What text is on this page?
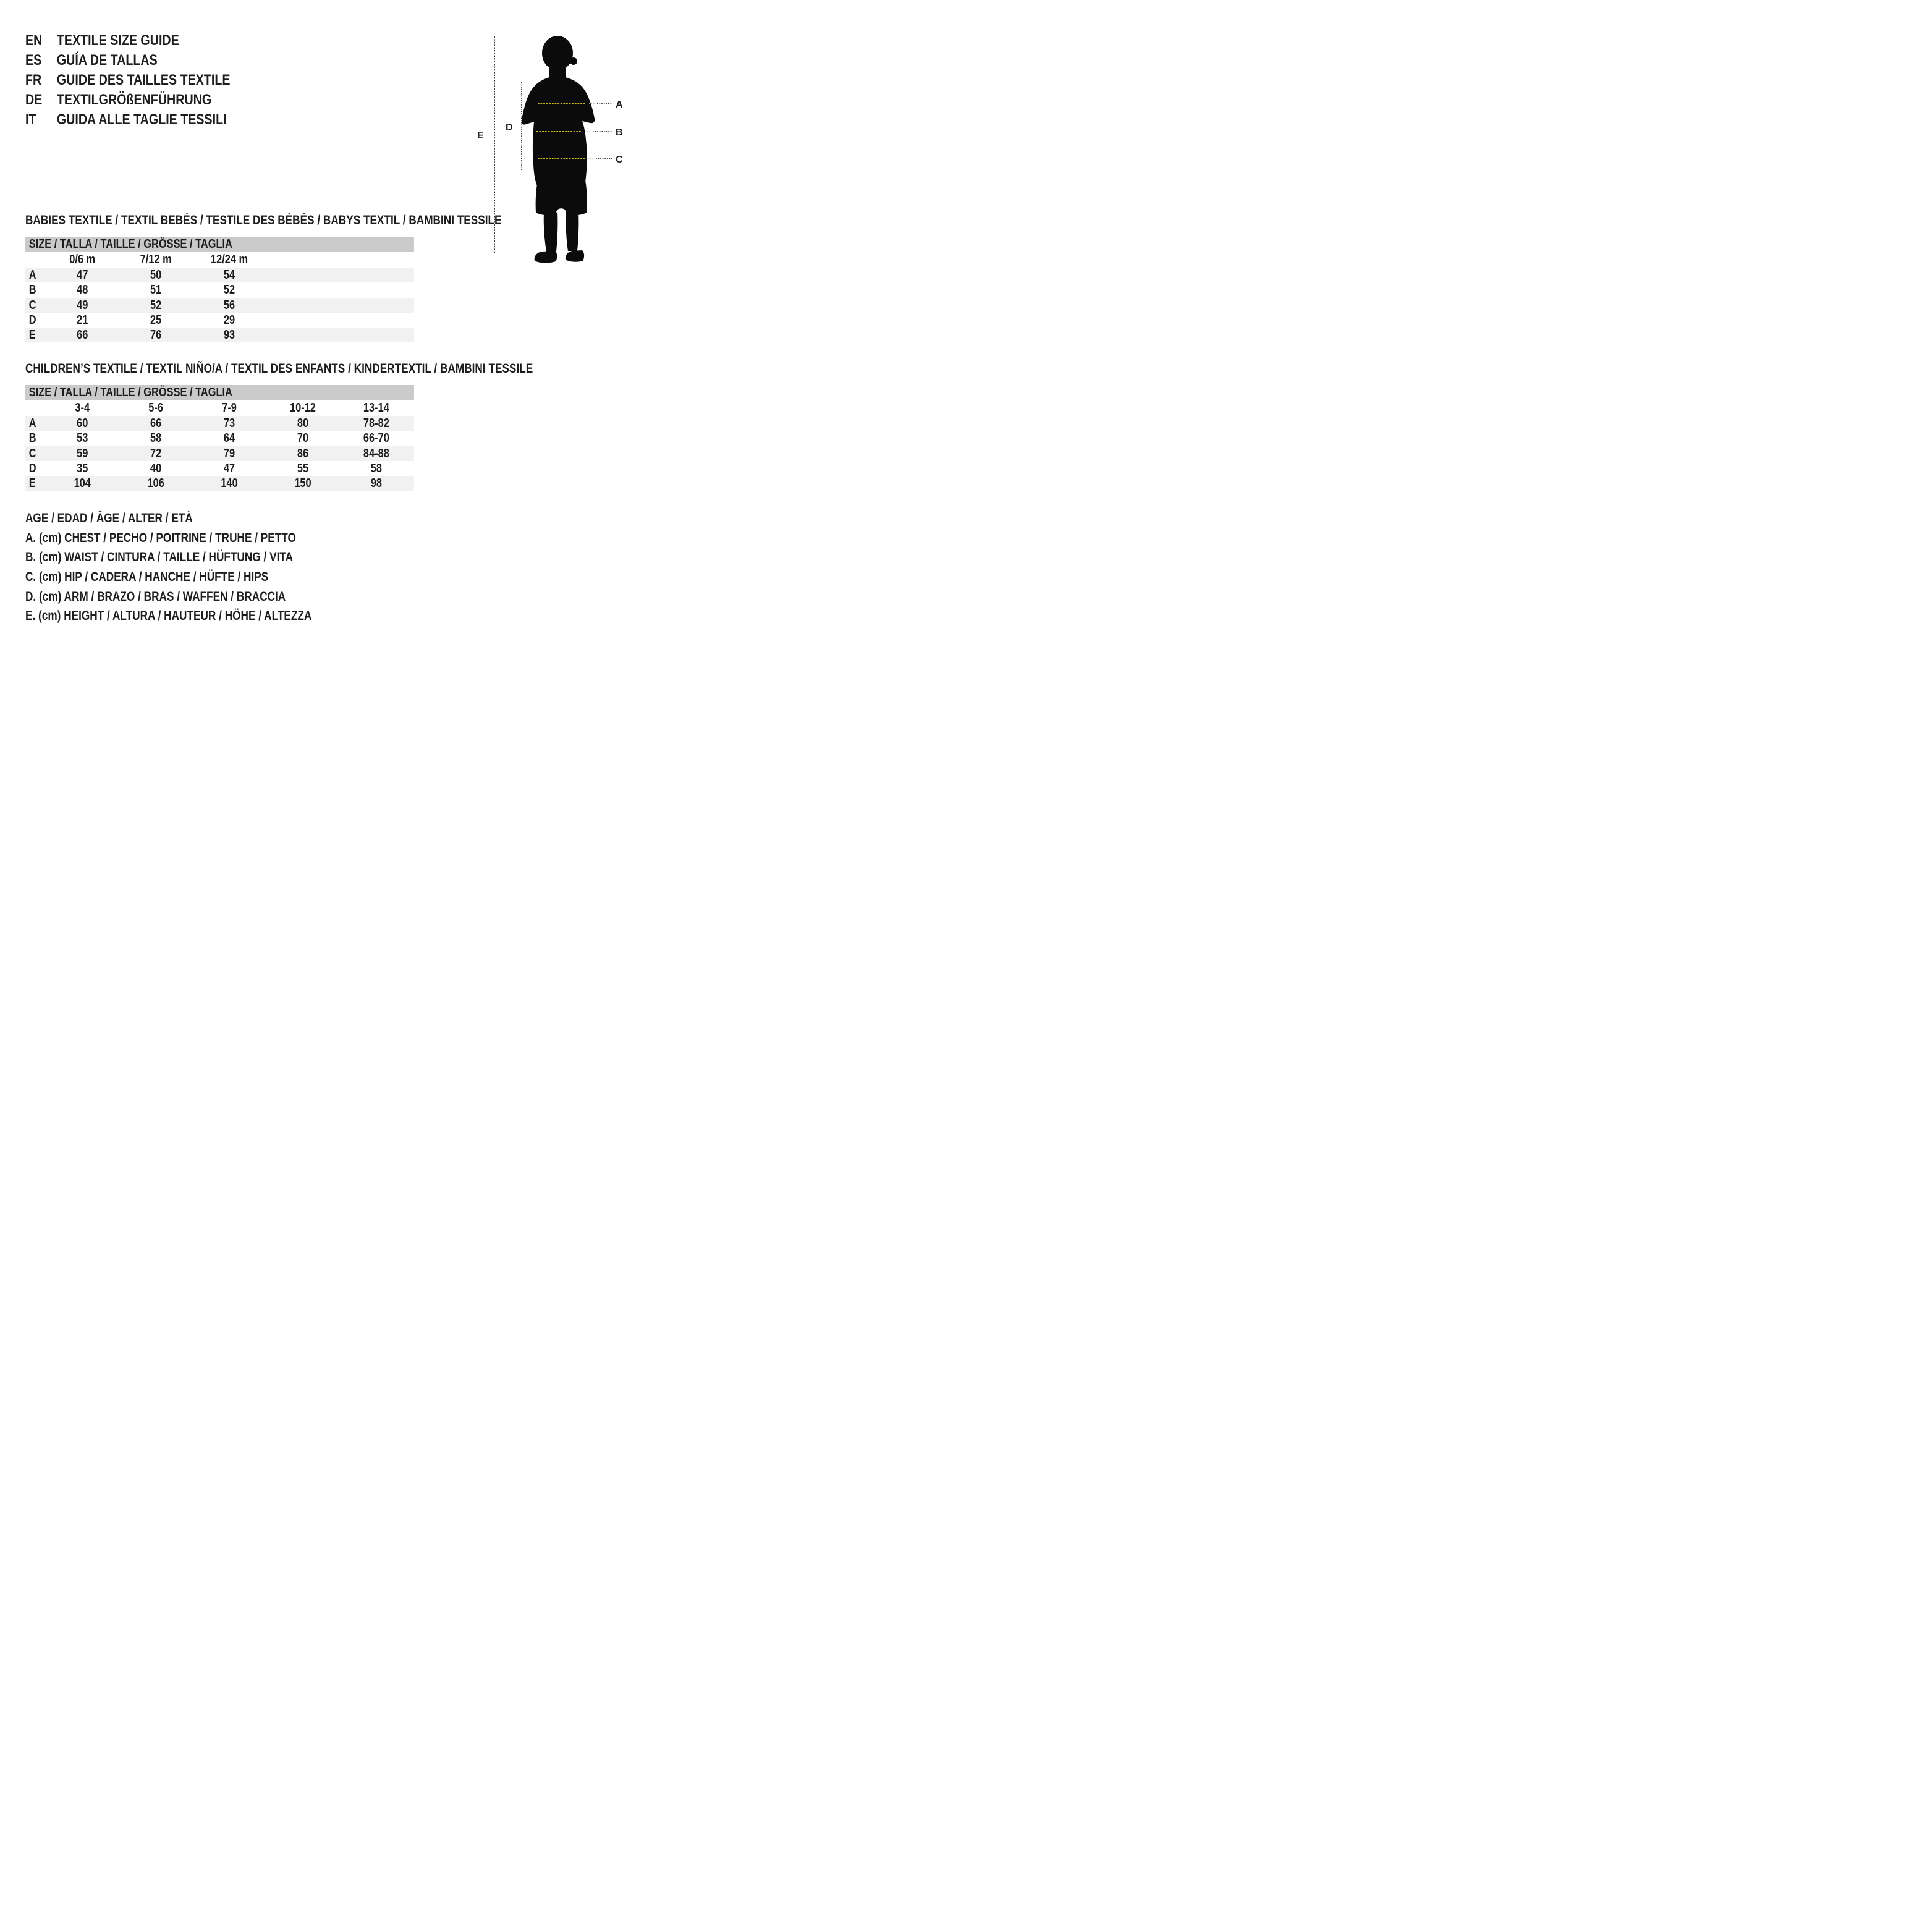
EN TEXTILE SIZE GUIDE
ES	GUÍA DE TALLAS
FR	GUIDE DES TAILLES TEXTILE
DE TEXTILGRÖßENFÜHRUNG
IT	GUIDA ALLE TAGLIE TESSILI
BABIES TEXTILE / TEXTIL BEBÉS / TESTILE DES BÉBÉS / BABYS TEXTIL / BAMBINI TESSILE
SIZE / TALLA / TAILLE / GRÖSSE / TAGLIA
0/6 m	7/12 m	12/24 m
A	47	50	54
B	48	51	52
C	49	52	56
D	21	25	29
E	66	76	93
CHILDREN’S TEXTILE / TEXTIL NIÑO/A / TEXTIL DES ENFANTS / KINDERTEXTIL / BAMBINI TESSILE
SIZE / TALLA / TAILLE / GRÖSSE / TAGLIA
3-4	5-6	7-9	10-12	13-14
A	60	66	73	80	78-82
B	53	58	64	70	66-70
C	59	72	79	86	84-88
D	35	40	47	55	58
E	104	106	140	150	98
AGE / EDAD / ÂGE / ALTER / ETÀ
A. (cm) CHEST / PECHO / POITRINE / TRUHE / PETTO
B. (cm) WAIST / CINTURA / TAILLE / HÜFTUNG / VITA
C. (cm) HIP / CADERA / HANCHE / HÜFTE / HIPS
D. (cm) ARM / BRAZO / BRAS / WAFFEN / BRACCIA
E. (cm) HEIGHT / ALTURA / HAUTEUR / HÖHE / ALTEZZA
A
B
C
D
E
